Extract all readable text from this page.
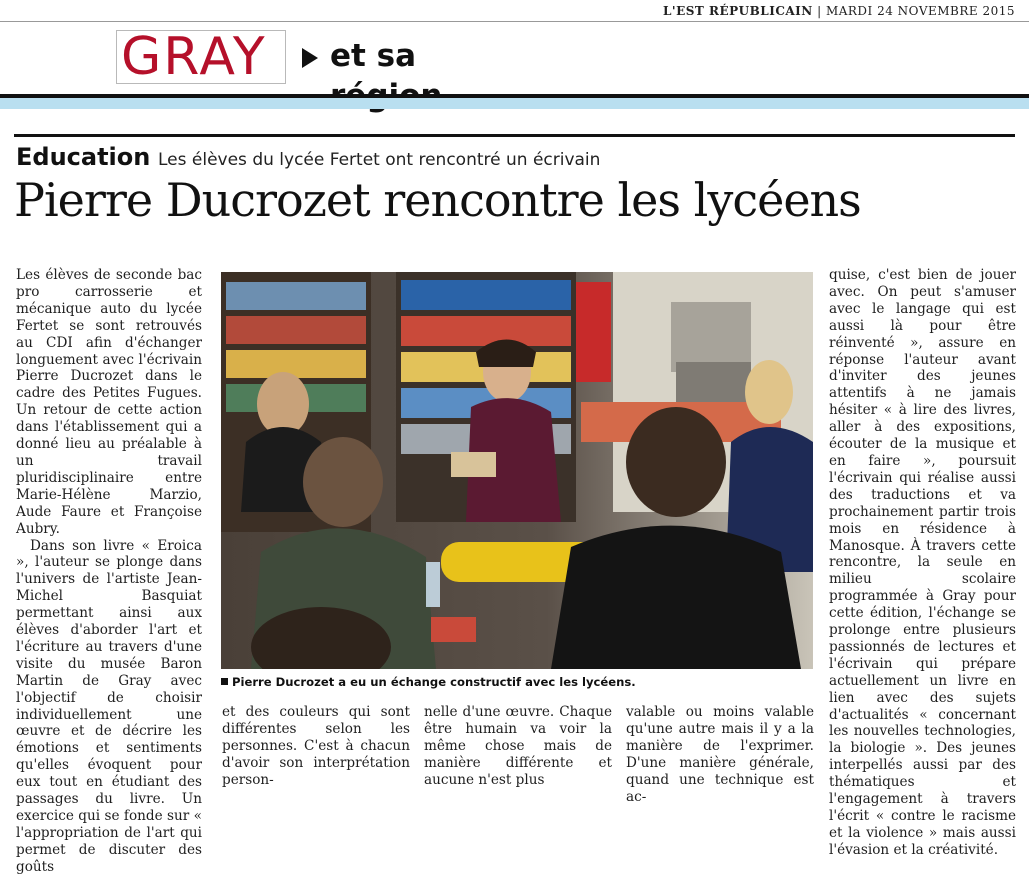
L'EST RÉPUBLICAIN | MARDI 24 NOVEMBRE 2015
GRAY et sa
Education Les élèves du lycée Fertet ont rencontré un écrivain
Pierre Ducrozet rencontre les lycéens

Les élèves de seconde bac pro carrosserie et mécanique auto du lycée Fertet se sont retrouvés au CDI afin d'échanger longuement avec l'écrivain Pierre Ducrozet dans le cadre des Petites Fugues. Un retour de cette action dans l'établissement qui a donné lieu au préalable à un travail pluridisciplinaire entre Marie-Hélène Marzio, Aude Faure et Françoise Aubry.

Dans son livre « Eroica », l'auteur se plonge dans l'univers de l'artiste Jean-Michel Basquiat permettant ainsi aux élèves d'aborder l'art et l'écriture au travers d'une visite du musée Baron Martin de Gray avec l'objectif de choisir individuellement une œuvre et de décrire les émotions et sentiments qu'elles évoquent pour eux tout en étudiant des passages du livre. Un exercice qui se fonde sur « l'appropriation de l'art qui permet de discuter des goûts

Pierre Ducrozet a eu un échange constructif avec les lycéens.

et des couleurs qui sont différentes selon les personnes. C'est à chacun d'avoir son interprétation person-

nelle d'une œuvre. Chaque être humain va voir la même chose mais de manière différente et aucune n'est plus

valable ou moins valable qu'une autre mais il y a la manière de l'exprimer. D'une manière générale, quand une technique est ac-

quise, c'est bien de jouer avec. On peut s'amuser avec le langage qui est aussi là pour être réinventé », assure en réponse l'auteur avant d'inviter des jeunes attentifs à ne jamais hésiter « à lire des livres, aller à des expositions, écouter de la musique et en faire », poursuit l'écrivain qui réalise aussi des traductions et va prochainement partir trois mois en résidence à Manosque. À travers cette rencontre, la seule en milieu scolaire programmée à Gray pour cette édition, l'échange se prolonge entre plusieurs passionnés de lectures et l'écrivain qui prépare actuellement un livre en lien avec des sujets d'actualités « concernant les nouvelles technologies, la biologie ». Des jeunes interpellés aussi par des thématiques et l'engagement à travers l'écrit « contre le racisme et la violence » mais aussi l'évasion et la créativité.
